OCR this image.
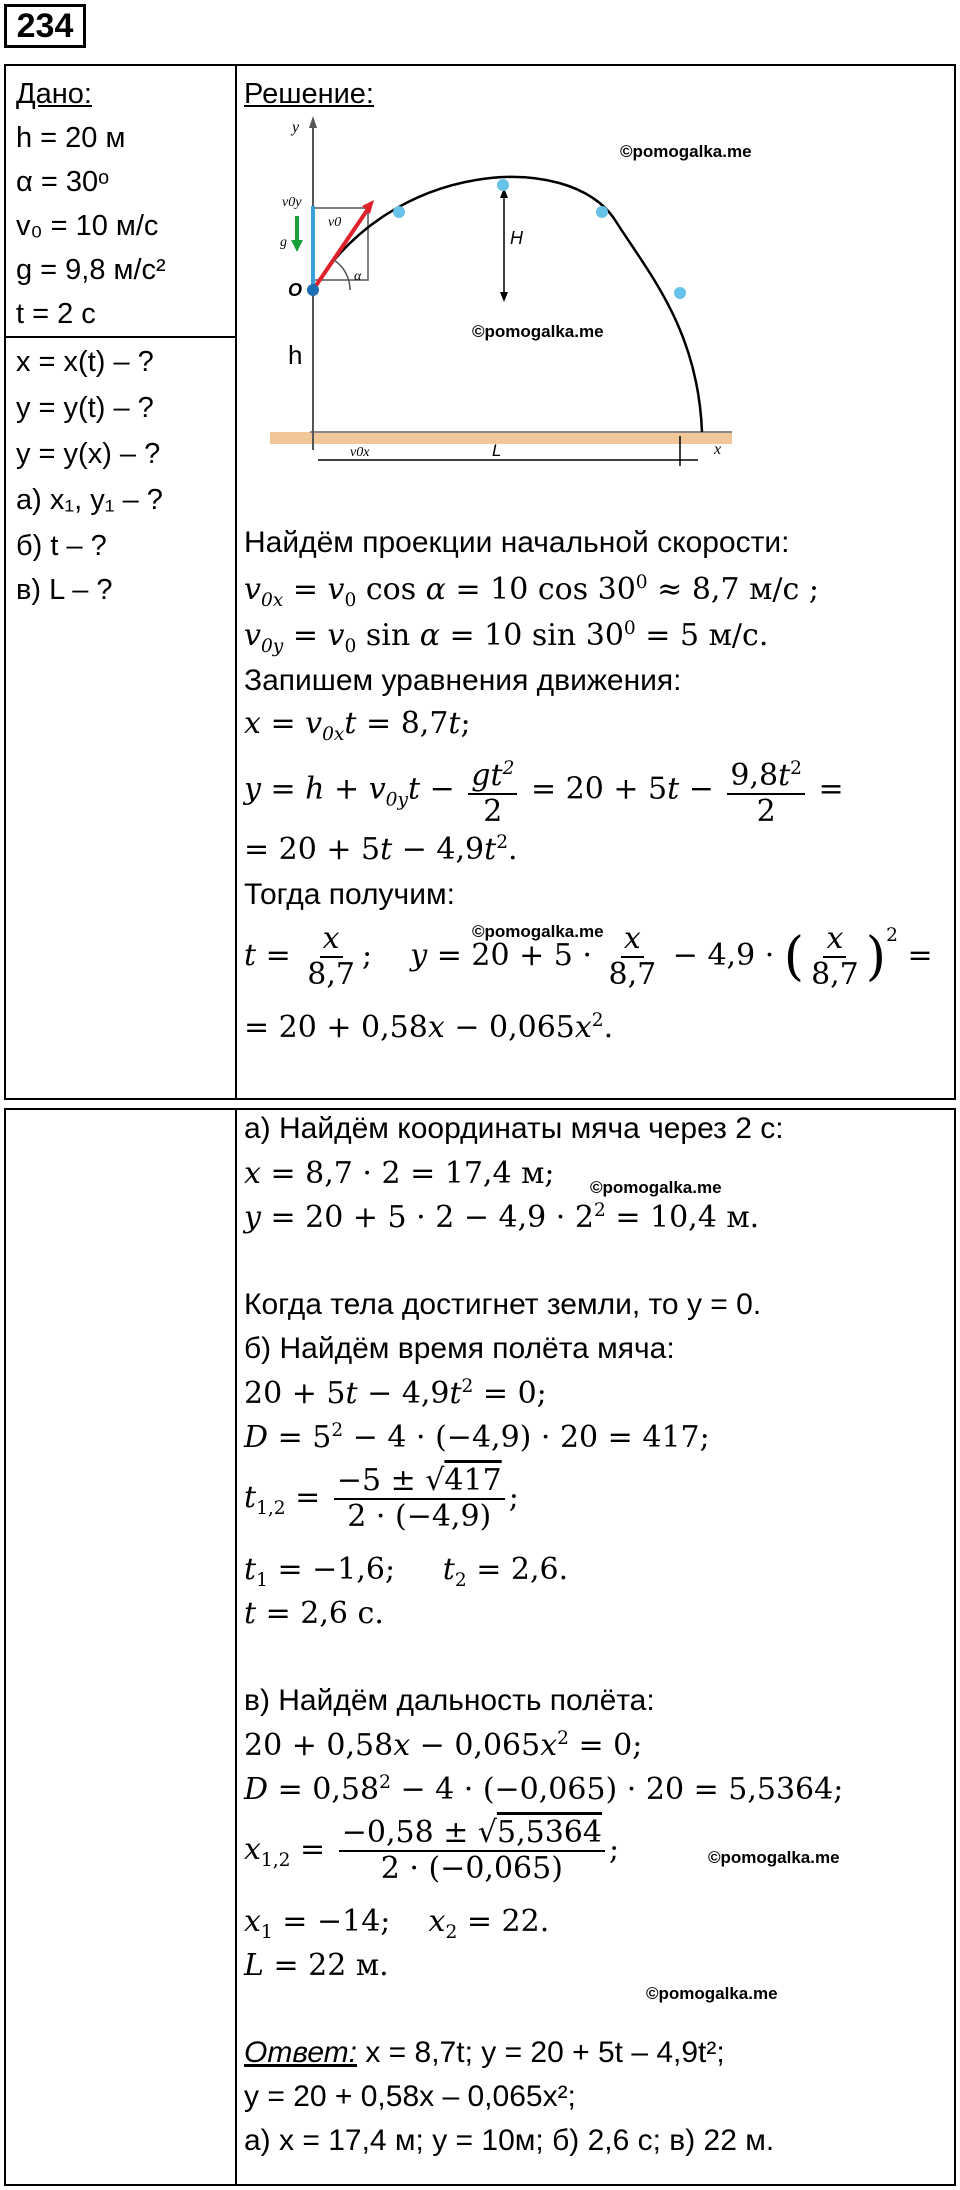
234
Дано:
h = 20 м
α = 30ᵒ
v₀ = 10 м/с
g = 9,8 м/с²
t = 2 с
x = x(t) – ?
y = y(t) – ?
y = y(x) – ?
а) x₁, y₁ – ?
б) t – ?
в) L – ?
Решение:
y
x
O
h
H
L
v0x
v0y
v0
g
α
©pomogalka.me
©pomogalka.me
©pomogalka.me
©pomogalka.me
©pomogalka.me
©pomogalka.me
Найдём проекции начальной скорости:
$v_{0x} = v_0$ cos α = 10 $\cos 30^0 \approx 8,7$ м/с ;
$v_{0y} = v_0$ sin α = 10 $\sin 30^0 = 5$ м/с.
Запишем уравнения движения:
$x = v_{0x}t = 8,7t$;
$y = h + v_{0y}t - \frac{gt^2}{2} = 20 + 5t - \frac{9,8t^2}{2}$ =
= $20 + 5t - 4,9t^2$.
Тогда получим:
$t = \frac{x}{8,7}$ ;    $y = 20 + 5 \cdot \frac{x}{8,7} - 4,9$ · ( $\frac{x}{8,7} )^2$ =
= $20 + 0,58x - 0,065x^2$.
а) Найдём координаты мяча через 2 с:
x = 8,7 · 2 = 17,4 м;
$y = 20 + 5 \cdot 2 - 4,9 \cdot 2^2 = 10,4$ м.
Когда тела достигнет земли, то y = 0.
б) Найдём время полёта мяча:
$20 + 5t - 4,9t^2 = 0$;
$D = 5^2 - 4 \cdot (-4,9) \cdot 20 = 417$;
$t_{1,2} = \frac{-5 \pm √417}{2 \cdot (-4,9)}$ ;
$t_1 = -1,6$;     $t_2 = 2,6$.
t = 2,6 с.
в) Найдём дальность полёта:
$20 + 0,58x - 0,065x^2 = 0$;
$D = 0,58^2 - 4 \cdot (-0,065) \cdot 20 = 5,5364$;
$x_{1,2} = \frac{-0,58 \pm √5,5364}{2 \cdot (-0,065)}$ ;
$x_1 = -14$;    $x_2 = 22$.
L = 22 м.
Ответ: x = 8,7t; y = 20 + 5t – 4,9t²;
y = 20 + 0,58x – 0,065x²;
а) x = 17,4 м; y = 10м; б) 2,6 с; в) 22 м.
